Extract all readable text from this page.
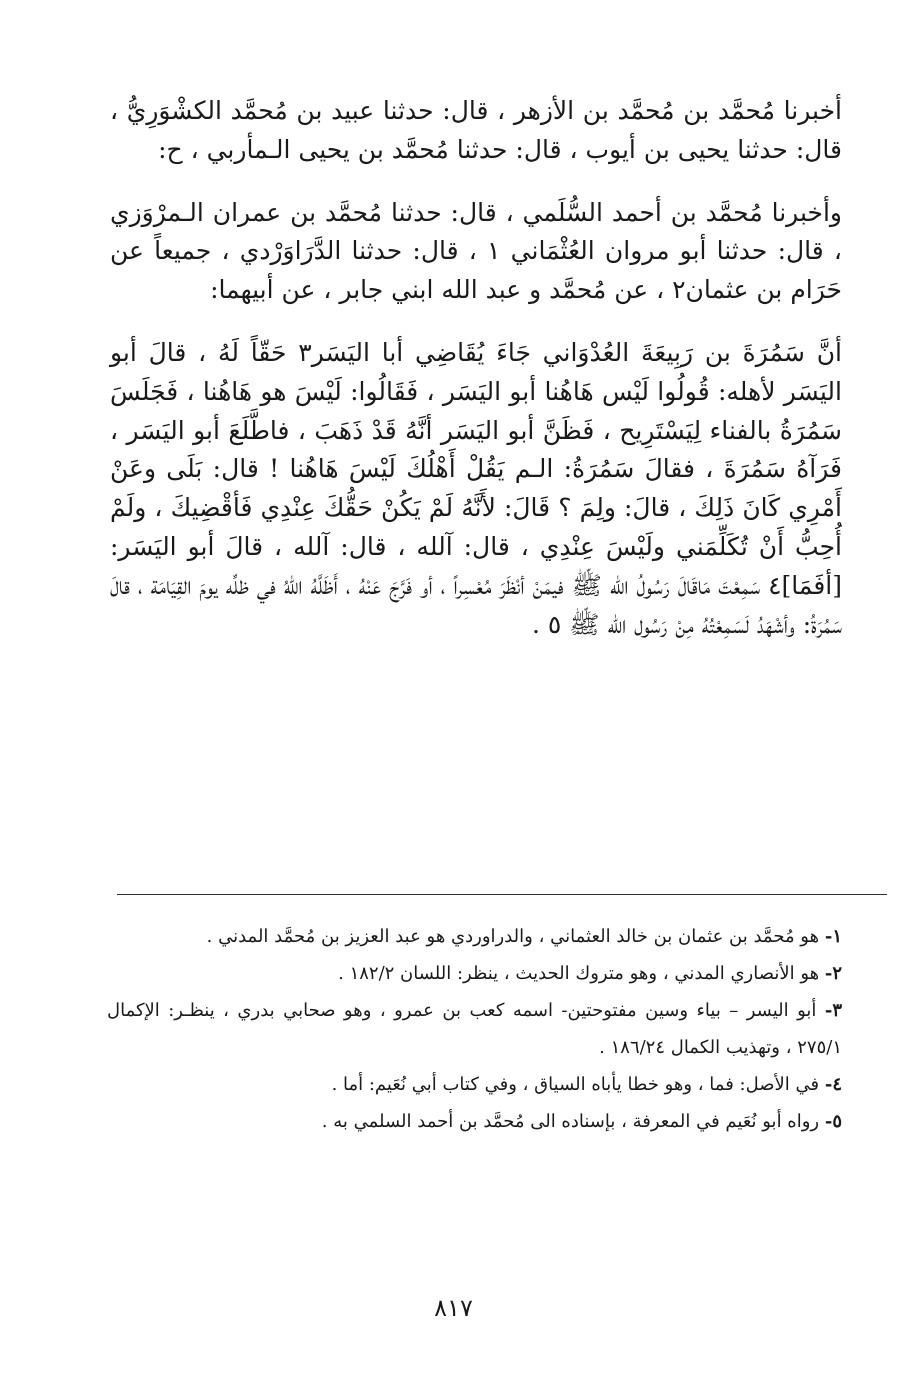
أخبرنا مُحمَّد بن مُحمَّد بن الأزهر ، قال: حدثنا عبيد بن مُحمَّد الكشْوَرِيُّ ، قال: حدثنا يحيى بن أيوب ، قال: حدثنا مُحمَّد بن يحيى الـمأربي ، ح:

وأخبرنا مُحمَّد بن أحمد السُّلَمي ، قال: حدثنا مُحمَّد بن عمران الـمرْوَزي ، قال: حدثنا أبو مروان العُثْمَاني ١ ، قال: حدثنا الدَّرَاوَرْدي ، جميعاً عن حَرَام بن عثمان٢ ، عن مُحمَّد و عبد الله ابني جابر ، عن أبيهما:

أنَّ سَمُرَةَ بن رَبِيعَةَ العُدْوَاني جَاءَ يُقَاضِي أبا اليَسَر٣ حَقّاً لَهُ ، قالَ أبو اليَسَر لأهله: قُولُوا لَيْس هَاهُنا أبو اليَسَر ، فَقَالُوا: لَيْسَ هو هَاهُنا ، فَجَلَسَ سَمُرَةُ بالفناء لِيَسْتَرِيح ، فَظَنَّ أبو اليَسَر أنَّهُ قَدْ ذَهَبَ ، فاطَّلَعَ أبو اليَسَر ، فَرَآهُ سَمُرَةَ ، فقالَ سَمُرَةُ: الـم يَقُلْ أَهْلُكَ لَيْسَ هَاهُنا ! قال: بَلَى وعَنْ أَمْرِي كَانَ ذَلِكَ ، قالَ: ولِمَ ؟ قَالَ: لأَنَّهُ لَمْ يَكُنْ حَقُّكَ عِنْدِي فَأقْضِيكَ ، ولَمْ أُحِبُّ أَنْ تُكَلِّمَني ولَيْسَ عِنْدِي ، قال: آلله ، قال: آلله ، قالَ أبو اليَسَر: [أفَمَا]٤ سَمِعْتَ مَاقَالَ رَسُولُ الله ﷺ فيمَنْ أنْظَرَ مُعْسِراً ، أو فَرَّجَ عَنْهُ ، أَظَلَّهُ اللهُ في ظلِّه يومَ القِيَامَة ، قالَ سَمُرَةُ: وأشْهَدُ لَسَمِعْتُهُ مِنْ رَسُول الله ﷺ ٥ .

١- هو مُحمَّد بن عثمان بن خالد العثماني ، والدراوردي هو عبد العزيز بن مُحمَّد المدني .
٢- هو الأنصاري المدني ، وهو متروك الحديث ، ينظر: اللسان ١٨٢/٢ .
٣- أبو اليسر – بياء وسين مفتوحتين- اسمه كعب بن عمرو ، وهو صحابي بدري ، ينظـر: الإكمال ٢٧٥/١ ، وتهذيب الكمال ١٨٦/٢٤ .
٤- في الأصل: فما ، وهو خطا يأباه السياق ، وفي كتاب أبي نُعَيم: أما .
٥- رواه أبو نُعَيم في المعرفة ، بإسناده الى مُحمَّد بن أحمد السلمي به .
٨١٧
